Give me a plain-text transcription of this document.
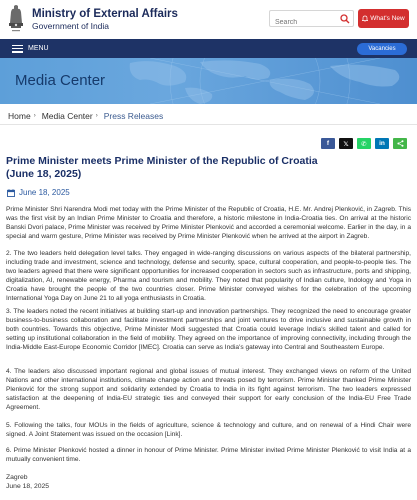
Ministry of External Affairs
Government of India
Search
What's New
MENU	Vacancies
Media Center
Home › Media Center › Press Releases
f 𝕏 ✆ in
Prime Minister meets Prime Minister of the Republic of Croatia (June 18, 2025)
June 18, 2025

Prime Minister Shri Narendra Modi met today with the Prime Minister of the Republic of Croatia, H.E. Mr. Andrej Plenković, in Zagreb. This was the first visit by an Indian Prime Minister to Croatia and therefore, a historic milestone in India-Croatia ties. On arrival at the historic Banski Dvori palace, Prime Minister was received by Prime Minister Plenković and accorded a ceremonial welcome. Earlier in the day, in a special and warm gesture, Prime Minister was received by Prime Minister Plenković when he arrived at the airport in Zagreb.

2. The two leaders held delegation level talks. They engaged in wide-ranging discussions on various aspects of the bilateral partnership, including trade and investment, science and technology, defense and security, space, cultural cooperation, and people-to-people ties. The two leaders agreed that there were significant opportunities for increased cooperation in sectors such as infrastructure, ports and shipping, digitalization, AI, renewable energy, Pharma and tourism and mobility. They noted that popularity of Indian culture, Indology and Yoga in Croatia have brought the people of the two countries closer. Prime Minister conveyed wishes for the celebration of the upcoming International Yoga Day on June 21 to all yoga enthusiasts in Croatia.

3. The leaders noted the recent initiatives at building start-up and innovation partnerships. They recognized the need to encourage greater business-to-business collaboration and facilitate investment partnerships and joint ventures to drive inclusive and sustainable growth in both countries. Towards this objective, Prime Minister Modi suggested that Croatia could leverage India's skilled talent and called for setting up institutional collaboration in the field of mobility. They agreed on the importance of improving connectivity, including through the India-Middle East-Europe Economic Corridor [IMEC]. Croatia can serve as India's gateway into Central and Southeastern Europe.

4. The leaders also discussed important regional and global issues of mutual interest. They exchanged views on reform of the United Nations and other international institutions, climate change action and threats posed by terrorism. Prime Minister thanked Prime Minister Plenković for the strong support and solidarity extended by Croatia to India in its fight against terrorism. The two leaders expressed satisfaction at the deepening of India-EU strategic ties and conveyed their support for early conclusion of the India-EU Free Trade Agreement.

5. Following the talks, four MOUs in the fields of agriculture, science & technology and culture, and on renewal of a Hindi Chair were signed. A Joint Statement was issued on the occasion [Link].

6. Prime Minister Plenković hosted a dinner in honour of Prime Minister. Prime Minister invited Prime Minister Plenković to visit India at a mutually convenient time.

Zagreb
June 18, 2025
